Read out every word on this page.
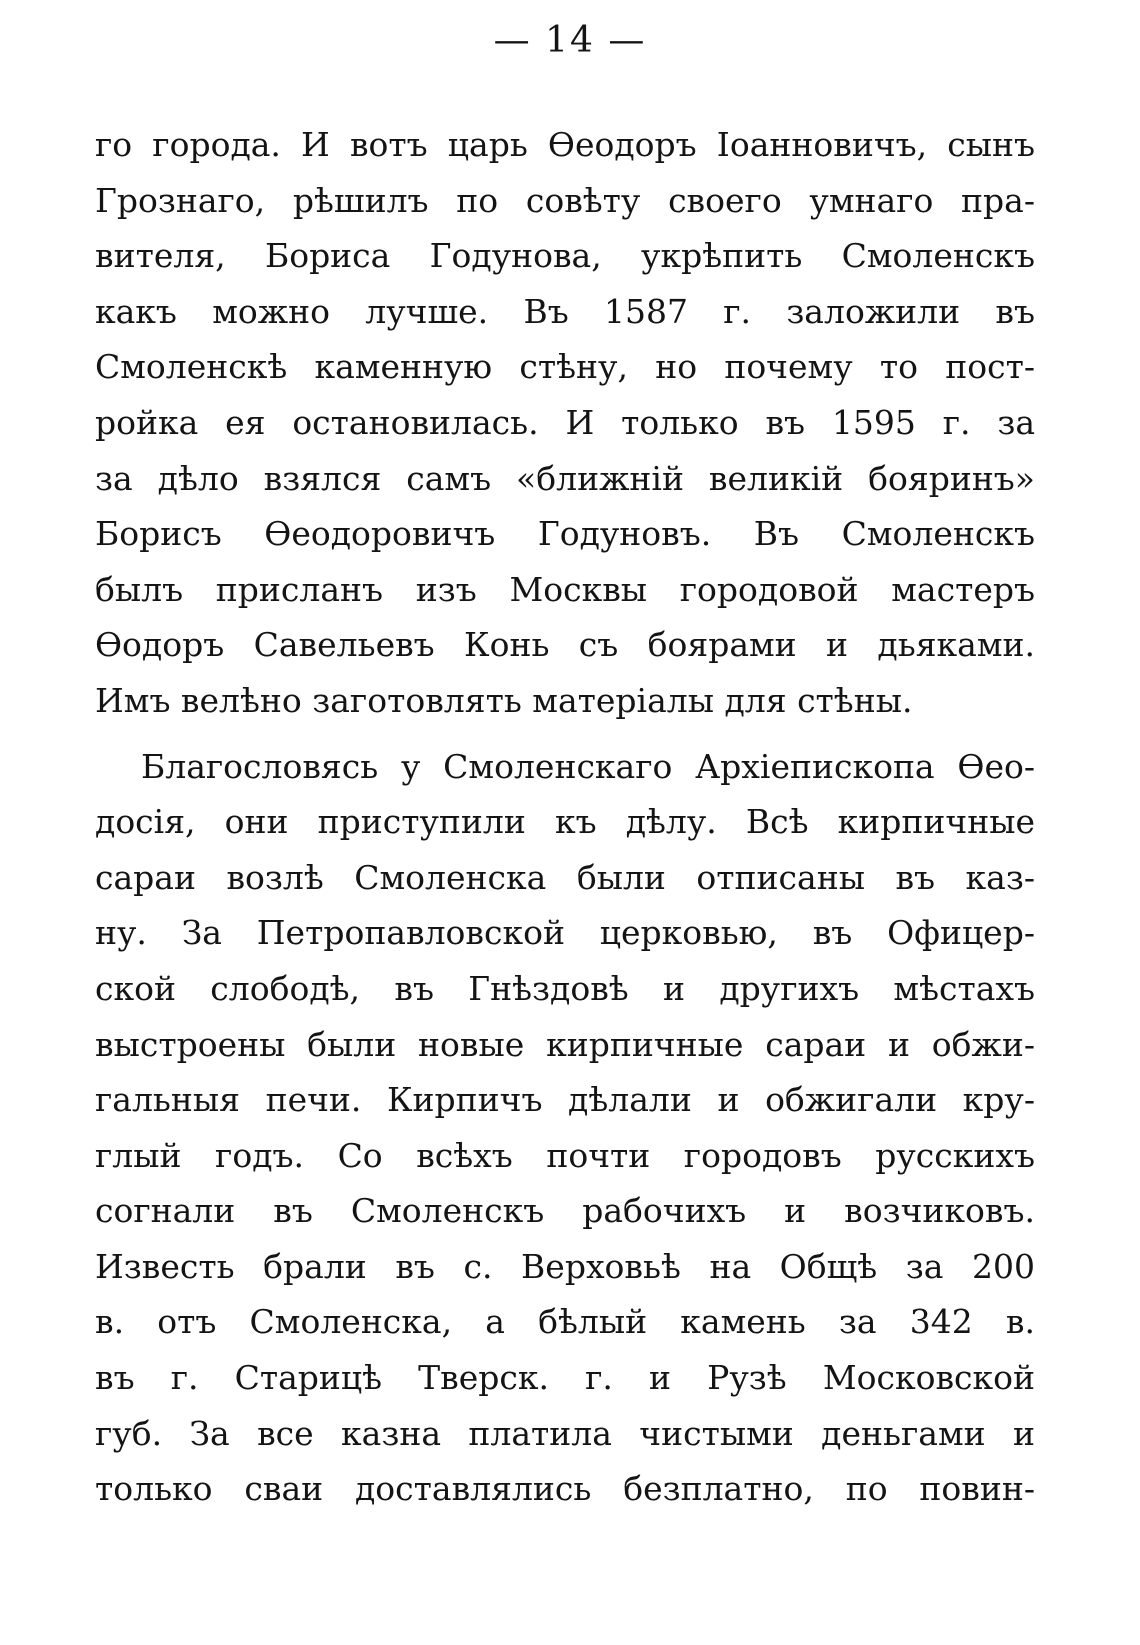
— 14 —
го города. И вотъ царь Ѳеодоръ Іоанновичъ, сынъ
Грознаго, рѣшилъ по совѣту своего умнаго пра-
вителя, Бориса Годунова, укрѣпить Смоленскъ
какъ можно лучше. Въ 1587 г. заложили въ
Смоленскѣ каменную стѣну, но почему то пост-
ройка ея остановилась. И только въ 1595 г. за
за дѣло взялся самъ «ближній великій бояринъ»
Борисъ Ѳеодоровичъ Годуновъ. Въ Смоленскъ
былъ присланъ изъ Москвы городовой мастеръ
Ѳодоръ Савельевъ Конь съ боярами и дьяками.
Имъ велѣно заготовлять матеріалы для стѣны.
Благословясь у Смоленскаго Архіепископа Ѳео-
досія, они приступили къ дѣлу. Всѣ кирпичные
сараи возлѣ Смоленска были отписаны въ каз-
ну. За Петропавловской церковью, въ Офицер-
ской слободѣ, въ Гнѣздовѣ и другихъ мѣстахъ
выстроены были новые кирпичные сараи и обжи-
гальныя печи. Кирпичъ дѣлали и обжигали кру-
глый годъ. Со всѣхъ почти городовъ русскихъ
согнали въ Смоленскъ рабочихъ и возчиковъ.
Известь брали въ с. Верховьѣ на Общѣ за 200
в. отъ Смоленска, а бѣлый камень за 342 в.
въ г. Старицѣ Тверск. г. и Рузѣ Московской
губ. За все казна платила чистыми деньгами и
только сваи доставлялись безплатно, по повин-
